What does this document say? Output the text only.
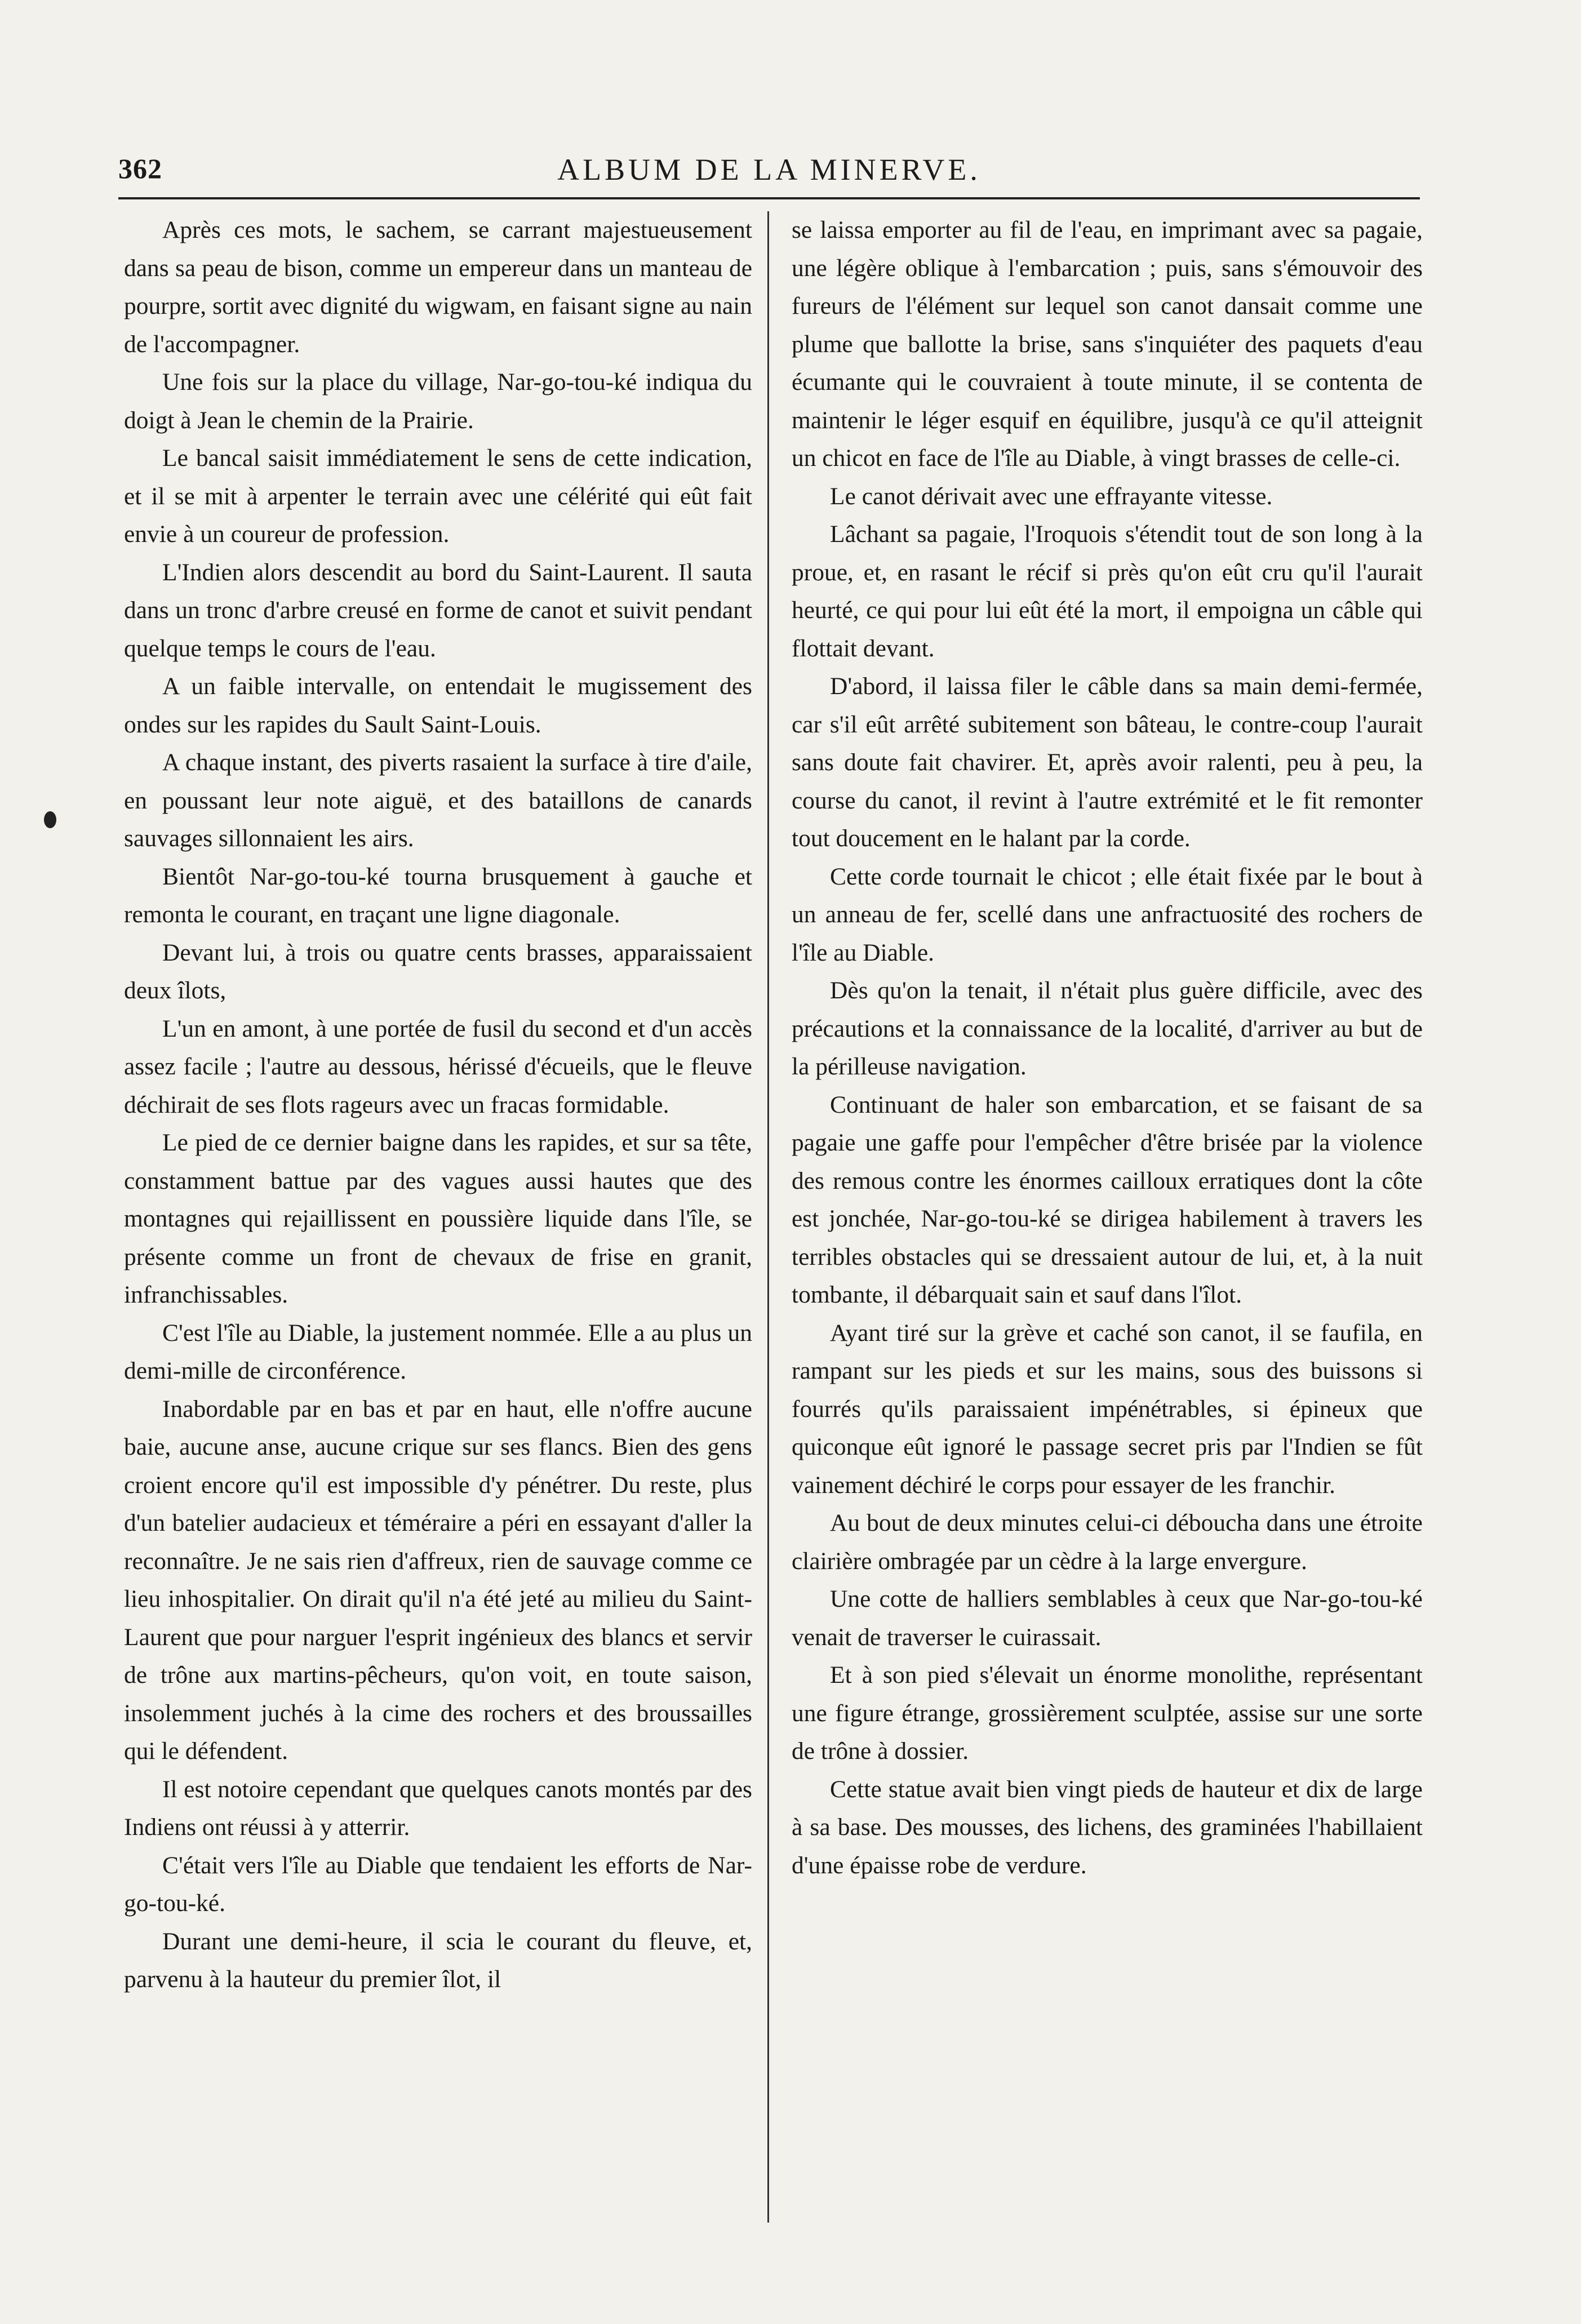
362	ALBUM DE LA MINERVE.

Après ces mots, le sachem, se carrant majestueusement dans sa peau de bison, comme un empereur dans un manteau de pourpre, sortit avec dignité du wigwam, en faisant signe au nain de l'accompagner.

Une fois sur la place du village, Nar-go-tou-ké indiqua du doigt à Jean le chemin de la Prairie.

Le bancal saisit immédiatement le sens de cette indication, et il se mit à arpenter le terrain avec une célérité qui eût fait envie à un coureur de profession.

L'Indien alors descendit au bord du Saint-Laurent. Il sauta dans un tronc d'arbre creusé en forme de canot et suivit pendant quelque temps le cours de l'eau.

A un faible intervalle, on entendait le mugissement des ondes sur les rapides du Sault Saint-Louis.

A chaque instant, des piverts rasaient la surface à tire d'aile, en poussant leur note aiguë, et des bataillons de canards sauvages sillonnaient les airs.

Bientôt Nar-go-tou-ké tourna brusquement à gauche et remonta le courant, en traçant une ligne diagonale.

Devant lui, à trois ou quatre cents brasses, apparaissaient deux îlots,

L'un en amont, à une portée de fusil du second et d'un accès assez facile ; l'autre au dessous, hérissé d'écueils, que le fleuve déchirait de ses flots rageurs avec un fracas formidable.

Le pied de ce dernier baigne dans les rapides, et sur sa tête, constamment battue par des vagues aussi hautes que des montagnes qui rejaillissent en poussière liquide dans l'île, se présente comme un front de chevaux de frise en granit, infranchissables.

C'est l'île au Diable, la justement nommée. Elle a au plus un demi-mille de circonférence.

Inabordable par en bas et par en haut, elle n'offre aucune baie, aucune anse, aucune crique sur ses flancs. Bien des gens croient encore qu'il est impossible d'y pénétrer. Du reste, plus d'un batelier audacieux et téméraire a péri en essayant d'aller la reconnaître. Je ne sais rien d'affreux, rien de sauvage comme ce lieu inhospitalier. On dirait qu'il n'a été jeté au milieu du Saint-Laurent que pour narguer l'esprit ingénieux des blancs et servir de trône aux martins-pêcheurs, qu'on voit, en toute saison, insolemment juchés à la cime des rochers et des broussailles qui le défendent.

Il est notoire cependant que quelques canots montés par des Indiens ont réussi à y atterrir.

C'était vers l'île au Diable que tendaient les efforts de Nar-go-tou-ké.

Durant une demi-heure, il scia le courant du fleuve, et, parvenu à la hauteur du premier îlot, il

se laissa emporter au fil de l'eau, en imprimant avec sa pagaie, une légère oblique à l'embarcation ; puis, sans s'émouvoir des fureurs de l'élément sur lequel son canot dansait comme une plume que ballotte la brise, sans s'inquiéter des paquets d'eau écumante qui le couvraient à toute minute, il se contenta de maintenir le léger esquif en équilibre, jusqu'à ce qu'il atteignit un chicot en face de l'île au Diable, à vingt brasses de celle-ci.

Le canot dérivait avec une effrayante vitesse.

Lâchant sa pagaie, l'Iroquois s'étendit tout de son long à la proue, et, en rasant le récif si près qu'on eût cru qu'il l'aurait heurté, ce qui pour lui eût été la mort, il empoigna un câble qui flottait devant.

D'abord, il laissa filer le câble dans sa main demi-fermée, car s'il eût arrêté subitement son bâteau, le contre-coup l'aurait sans doute fait chavirer. Et, après avoir ralenti, peu à peu, la course du canot, il revint à l'autre extrémité et le fit remonter tout doucement en le halant par la corde.

Cette corde tournait le chicot ; elle était fixée par le bout à un anneau de fer, scellé dans une anfractuosité des rochers de l'île au Diable.

Dès qu'on la tenait, il n'était plus guère difficile, avec des précautions et la connaissance de la localité, d'arriver au but de la périlleuse navigation.

Continuant de haler son embarcation, et se faisant de sa pagaie une gaffe pour l'empêcher d'être brisée par la violence des remous contre les énormes cailloux erratiques dont la côte est jonchée, Nar-go-tou-ké se dirigea habilement à travers les terribles obstacles qui se dressaient autour de lui, et, à la nuit tombante, il débarquait sain et sauf dans l'îlot.

Ayant tiré sur la grève et caché son canot, il se faufila, en rampant sur les pieds et sur les mains, sous des buissons si fourrés qu'ils paraissaient impénétrables, si épineux que quiconque eût ignoré le passage secret pris par l'Indien se fût vainement déchiré le corps pour essayer de les franchir.

Au bout de deux minutes celui-ci déboucha dans une étroite clairière ombragée par un cèdre à la large envergure.

Une cotte de halliers semblables à ceux que Nar-go-tou-ké venait de traverser le cuirassait.

Et à son pied s'élevait un énorme monolithe, représentant une figure étrange, grossièrement sculptée, assise sur une sorte de trône à dossier.

Cette statue avait bien vingt pieds de hauteur et dix de large à sa base. Des mousses, des lichens, des graminées l'habillaient d'une épaisse robe de verdure.
